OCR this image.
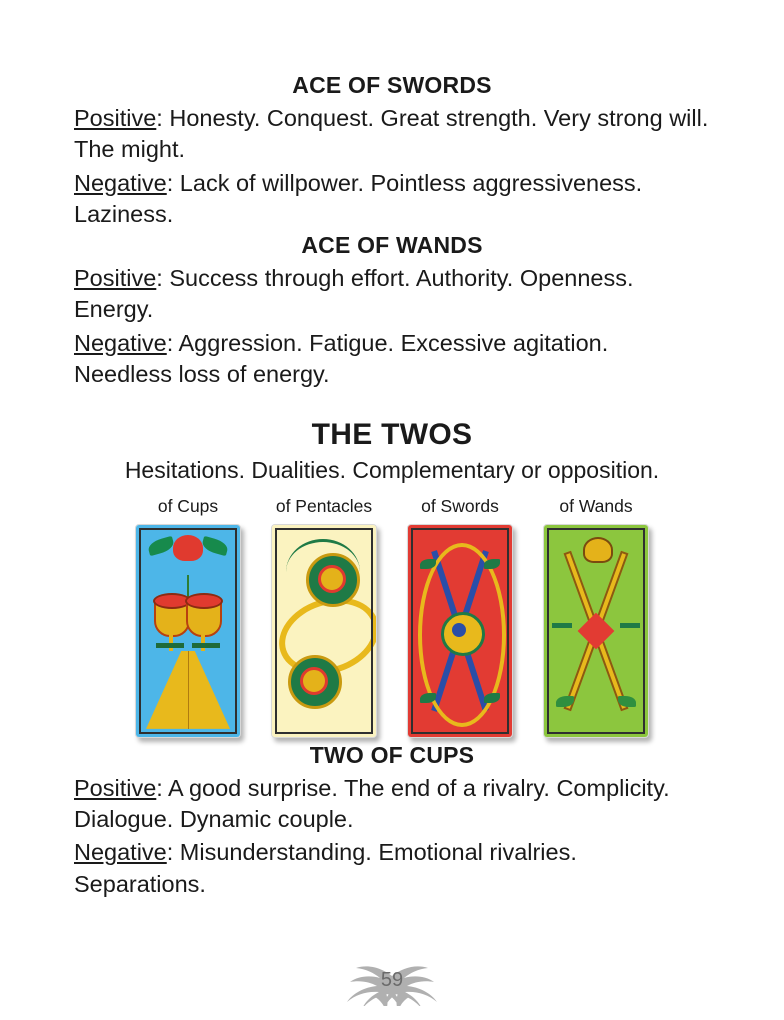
ACE OF SWORDS

Positive: Honesty. Conquest. Great strength. Very strong will. The might.

Negative: Lack of willpower. Pointless aggressiveness. Laziness.

ACE OF WANDS

Positive: Success through effort. Authority. Openness. Energy.

Negative: Aggression. Fatigue. Excessive agitation. Needless loss of energy.

THE TWOS

Hesitations. Dualities. Complementary or opposition.

of Cups	of Pentacles	of Swords	of Wands
TWO OF CUPS

Positive: A good surprise. The end of a rivalry. Complicity. Dialogue. Dynamic couple.

Negative: Misunderstanding. Emotional rivalries. Separations.

59
